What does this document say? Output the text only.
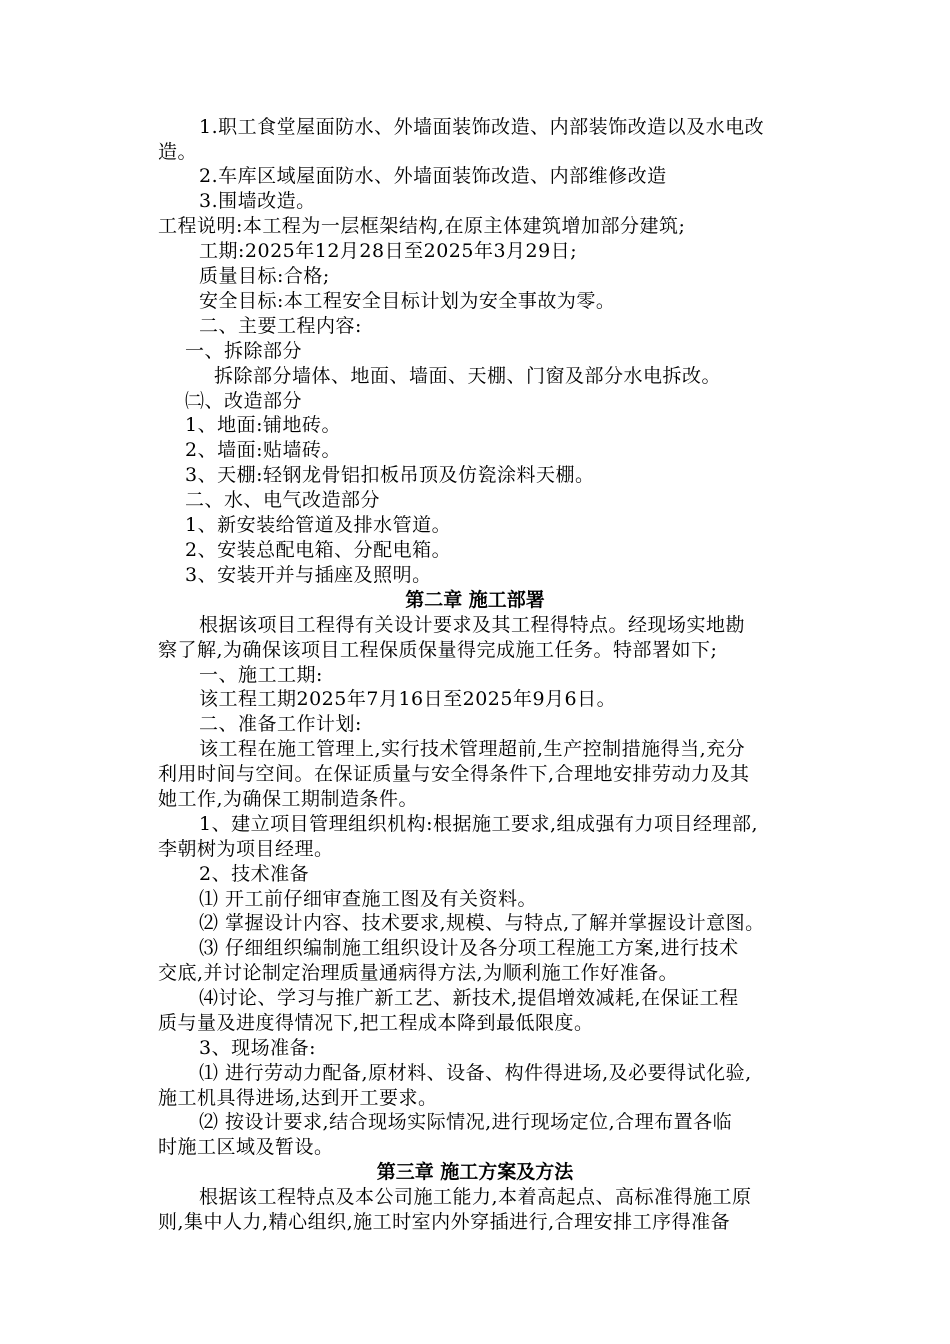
1.职工食堂屋面防水、外墙面装饰改造、内部装饰改造以及水电改

造。

2.车库区域屋面防水、外墙面装饰改造、内部维修改造

3.围墙改造。

工程说明:本工程为一层框架结构,在原主体建筑增加部分建筑;

工期:2025年12月28日至2025年3月29日;

质量目标:合格;

安全目标:本工程安全目标计划为安全事故为零。

二、主要工程内容:

一、拆除部分

拆除部分墙体、地面、墙面、天棚、门窗及部分水电拆改。

㈡、改造部分

1、地面:铺地砖。

2、墙面:贴墙砖。

3、天棚:轻钢龙骨铝扣板吊顶及仿瓷涂料天棚。

二、水、电气改造部分

1、新安装给管道及排水管道。

2、安装总配电箱、分配电箱。

3、安装开并与插座及照明。

第二章 施工部署

根据该项目工程得有关设计要求及其工程得特点。经现场实地勘

察了解,为确保该项目工程保质保量得完成施工任务。特部署如下;

一、施工工期:

该工程工期2025年7月16日至2025年9月6日。

二、准备工作计划:

该工程在施工管理上,实行技术管理超前,生产控制措施得当,充分

利用时间与空间。在保证质量与安全得条件下,合理地安排劳动力及其

她工作,为确保工期制造条件。

1、建立项目管理组织机构:根据施工要求,组成强有力项目经理部,

李朝树为项目经理。

2、技术准备

⑴ 开工前仔细审查施工图及有关资料。

⑵ 掌握设计内容、技术要求,规模、与特点,了解并掌握设计意图。

⑶ 仔细组织编制施工组织设计及各分项工程施工方案,进行技术

交底,并讨论制定治理质量通病得方法,为顺利施工作好准备。

⑷讨论、学习与推广新工艺、新技术,提倡增效减耗,在保证工程

质与量及进度得情况下,把工程成本降到最低限度。

3、现场准备:

⑴ 进行劳动力配备,原材料、设备、构件得进场,及必要得试化验,

施工机具得进场,达到开工要求。

⑵ 按设计要求,结合现场实际情况,进行现场定位,合理布置各临

时施工区域及暂设。

第三章 施工方案及方法

根据该工程特点及本公司施工能力,本着高起点、高标准得施工原

则,集中人力,精心组织,施工时室内外穿插进行,合理安排工序得准备
